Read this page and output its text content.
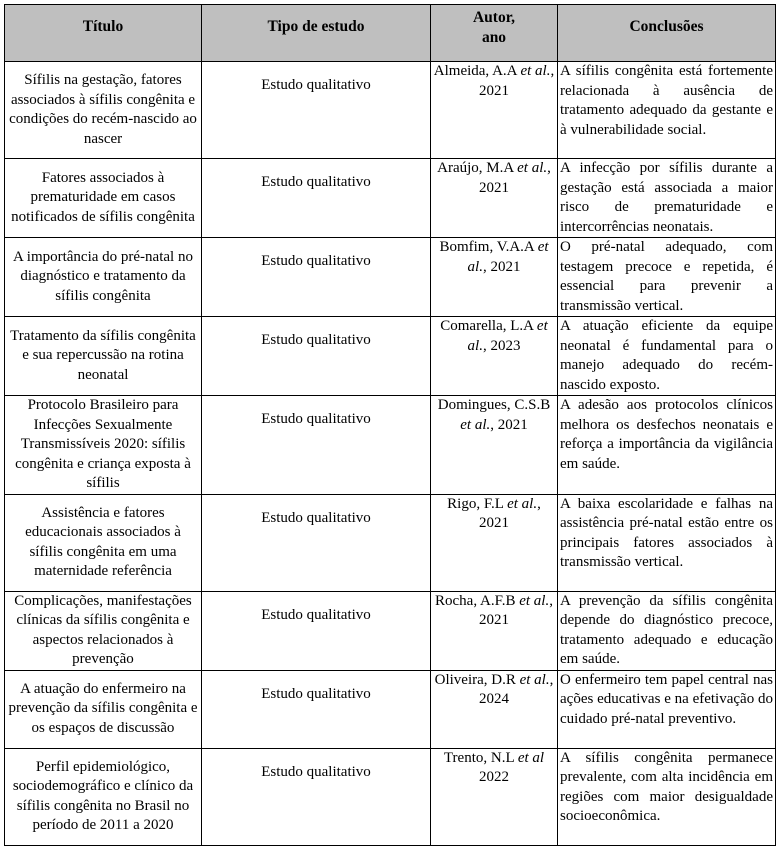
Título	Tipo de estudo	Autor, ano	Conclusões
Sífilis na gestação, fatores associados à sífilis congênita e condições do recém-nascido ao nascer	Estudo qualitativo	Almeida, A.A et al., 2021	A sífilis congênita está fortemente relacionada à ausência de tratamento adequado da gestante e à vulnerabilidade social.
Fatores associados à prematuridade em casos notificados de sífilis congênita	Estudo qualitativo	Araújo, M.A et al., 2021	A infecção por sífilis durante a gestação está associada a maior risco de prematuridade e intercorrências neonatais.
A importância do pré-natal no diagnóstico e tratamento da sífilis congênita	Estudo qualitativo	Bomfim, V.A.A et al., 2021	O pré-natal adequado, com testagem precoce e repetida, é essencial para prevenir a transmissão vertical.
Tratamento da sífilis congênita e sua repercussão na rotina neonatal	Estudo qualitativo	Comarella, L.A et al., 2023	A atuação eficiente da equipe neonatal é fundamental para o manejo adequado do recém-nascido exposto.
Protocolo Brasileiro para Infecções Sexualmente Transmissíveis 2020: sífilis congênita e criança exposta à sífilis	Estudo qualitativo	Domingues, C.S.B et al., 2021	A adesão aos protocolos clínicos melhora os desfechos neonatais e reforça a importância da vigilância em saúde.
Assistência e fatores educacionais associados à sífilis congênita em uma maternidade referência	Estudo qualitativo	Rigo, F.L et al., 2021	A baixa escolaridade e falhas na assistência pré-natal estão entre os principais fatores associados à transmissão vertical.
Complicações, manifestações clínicas da sífilis congênita e aspectos relacionados à prevenção	Estudo qualitativo	Rocha, A.F.B et al., 2021	A prevenção da sífilis congênita depende do diagnóstico precoce, tratamento adequado e educação em saúde.
A atuação do enfermeiro na prevenção da sífilis congênita e os espaços de discussão	Estudo qualitativo	Oliveira, D.R et al., 2024	O enfermeiro tem papel central nas ações educativas e na efetivação do cuidado pré-natal preventivo.
Perfil epidemiológico, sociodemográfico e clínico da sífilis congênita no Brasil no período de 2011 a 2020	Estudo qualitativo	Trento, N.L et al 2022	A sífilis congênita permanece prevalente, com alta incidência em regiões com maior desigualdade socioeconômica.
